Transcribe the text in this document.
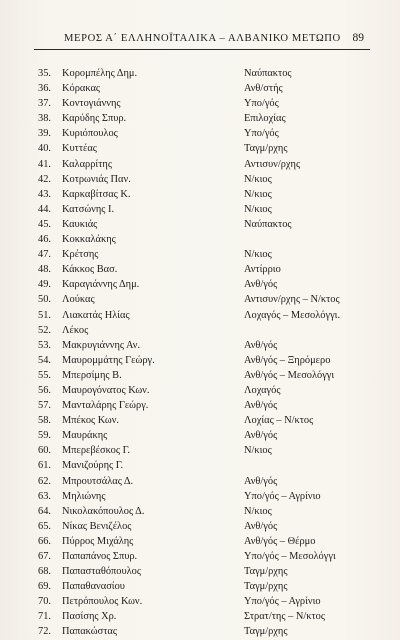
ΜΕΡΟΣ Α΄ ΕΛΛΗΝΟΪΤΑΛΙΚΑ – ΑΛΒΑΝΙΚΟ ΜΕΤΩΠΟ 89
35. Κορομπέλης Δημ.	Ναύπακτος
36. Κόρακας	Ανθ/στής
37. Κοντογιάννης	Υπο/γός
38. Καρύδης Σπυρ.	Επιλοχίας
39. Κυριόπουλος	Υπο/γός
40. Κυττέας	Ταγμ/ρχης
41. Καλαρρίτης	Αντισυν/ρχης
42. Κοτρωνιάς Παν.	Ν/κιος
43. Καρκαβίτσας Κ.	Ν/κιος
44. Κατσώνης Ι.	Ν/κιος
45. Καυκιάς	Ναύπακτος
46. Κοκκαλάκης
47. Κρέτσης	Ν/κιος
48. Κάκκος Βασ.	Αντίρριο
49. Καραγιάννης Δημ.	Ανθ/γός
50. Λούκας	Αντισυν/ρχης – Ν/κτος
51. Λιακατάς Ηλίας	Λοχαγός – Μεσολόγγι.
52. Λέκος
53. Μακρυγιάννης Αν.	Ανθ/γός
54. Μαυρομμάτης Γεώργ.	Ανθ/γός – Ξηρόμερο
55. Μπερσίμης Β.	Ανθ/γός – Μεσολόγγι
56. Μαυρογόνατος Κων.	Λοχαγός
57. Μανταλάρης Γεώργ.	Ανθ/γός
58. Μπέκος Κων.	Λοχίας – Ν/κτος
59. Μαυράκης	Ανθ/γός
60. Μπερεβέσκος Γ.	Ν/κιος
61. Μανιζούρης Γ.
62. Μπρουτσάλας Δ.	Ανθ/γός
63. Μηλιώνης	Υπο/γός – Αγρίνιο
64. Νικολακόπουλος Δ.	Ν/κιος
65. Νίκας Βενιζέλος	Ανθ/γός
66. Πύρρος Μιχάλης	Ανθ/γός – Θέρμο
67. Παπαπάνος Σπυρ.	Υπο/γός – Μεσολόγγι
68. Παπασταθόπουλος	Ταγμ/ρχης
69. Παπαθανασίου	Ταγμ/ρχης
70. Πετρόπουλος Κων.	Υπο/γός – Αγρίνιο
71. Πασίσης Χρ.	Στρατ/της – Ν/κτος
72. Παπακώστας	Ταγμ/ρχης
